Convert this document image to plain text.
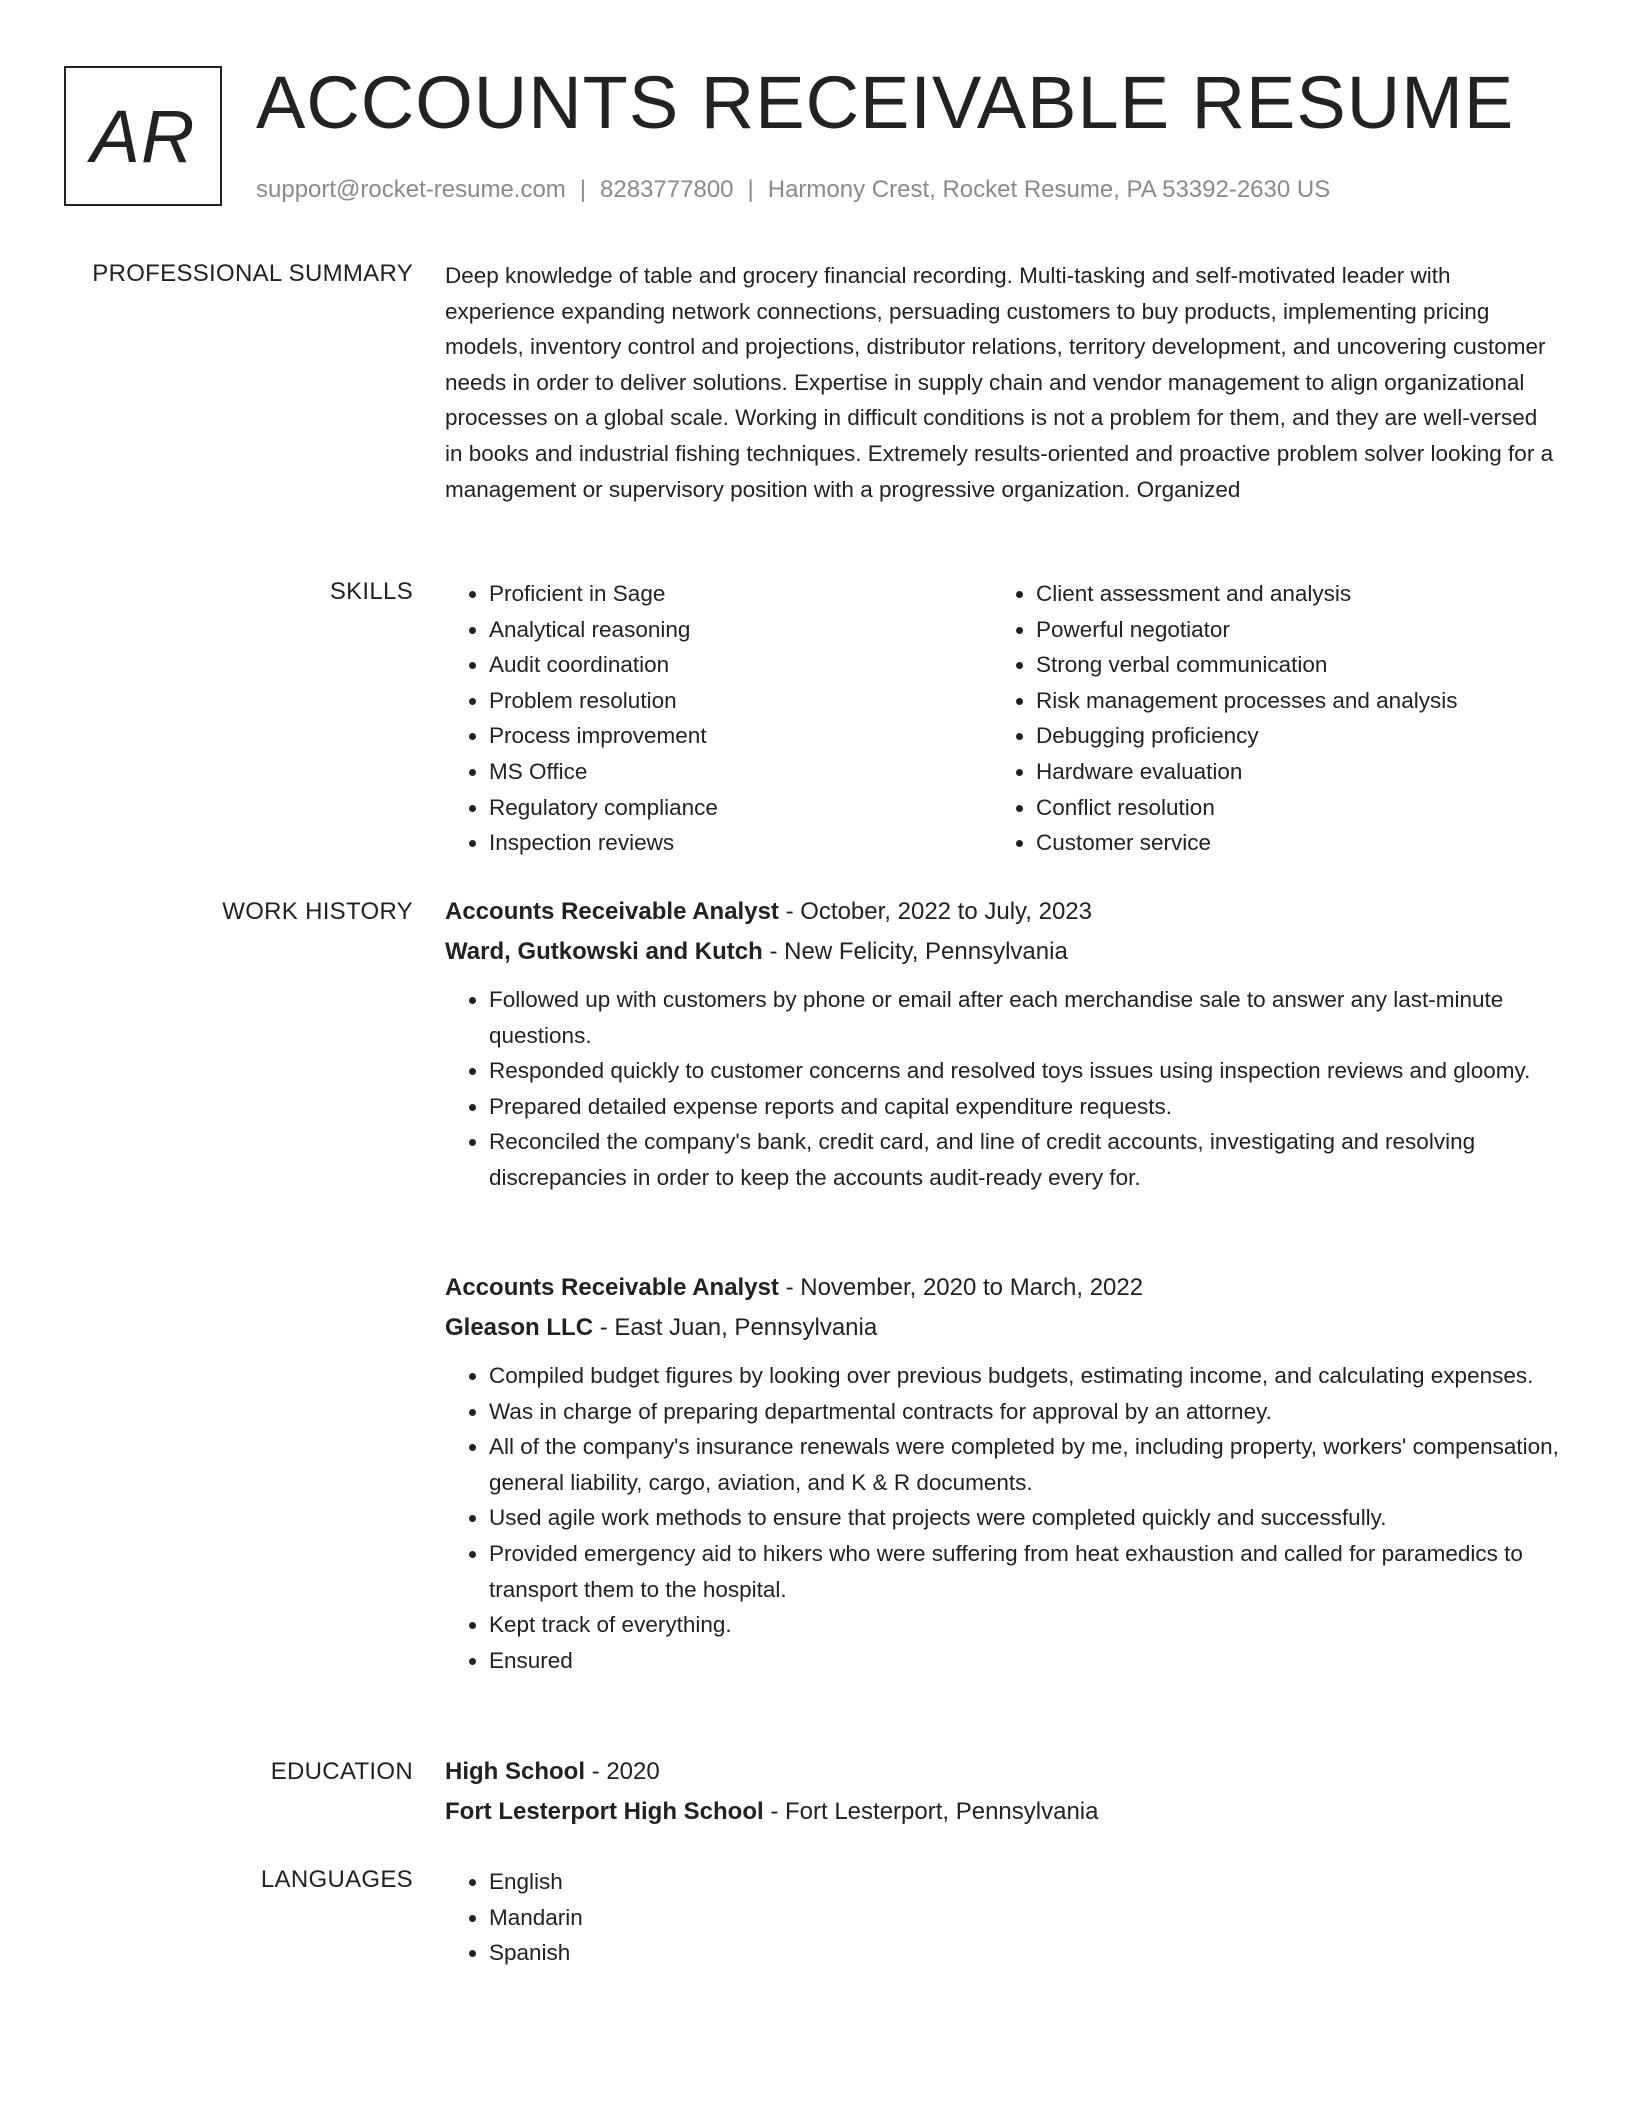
AR ACCOUNTS RECEIVABLE RESUME
support@rocket-resume.com | 8283777800 | Harmony Crest, Rocket Resume, PA 53392-2630 US
PROFESSIONAL SUMMARY Deep knowledge of table and grocery financial recording. Multi-tasking and self-motivated leader with experience expanding network connections, persuading customers to buy products, implementing pricing models, inventory control and projections, distributor relations, territory development, and uncovering customer needs in order to deliver solutions. Expertise in supply chain and vendor management to align organizational processes on a global scale. Working in difficult conditions is not a problem for them, and they are well-versed in books and industrial fishing techniques. Extremely results-oriented and proactive problem solver looking for a management or supervisory position with a progressive organization. Organized

SKILLS	• Proficient in Sage
• Analytical reasoning
• Audit coordination
• Problem resolution
• Process improvement
• MS Office
• Regulatory compliance
• Inspection reviews
• Client assessment and analysis
• Powerful negotiator
• Strong verbal communication
• Risk management processes and analysis
• Debugging proficiency
• Hardware evaluation
• Conflict resolution
• Customer service
WORK HISTORY Accounts Receivable Analyst - October, 2022 to July, 2023
Ward, Gutkowski and Kutch - New Felicity, Pennsylvania
• Followed up with customers by phone or email after each merchandise sale to answer any last-minute questions.
• Responded quickly to customer concerns and resolved toys issues using inspection reviews and gloomy.
• Prepared detailed expense reports and capital expenditure requests.
• Reconciled the company's bank, credit card, and line of credit accounts, investigating and resolving discrepancies in order to keep the accounts audit-ready every for.
Accounts Receivable Analyst - November, 2020 to March, 2022
Gleason LLC - East Juan, Pennsylvania
• Compiled budget figures by looking over previous budgets, estimating income, and calculating expenses.
• Was in charge of preparing departmental contracts for approval by an attorney.
• All of the company's insurance renewals were completed by me, including property, workers' compensation, general liability, cargo, aviation, and K & R documents.
• Used agile work methods to ensure that projects were completed quickly and successfully.
• Provided emergency aid to hikers who were suffering from heat exhaustion and called for paramedics to transport them to the hospital.
• Kept track of everything.
• Ensured
EDUCATION High School - 2020
Fort Lesterport High School - Fort Lesterport, Pennsylvania
LANGUAGES	• English
• Mandarin
• Spanish
